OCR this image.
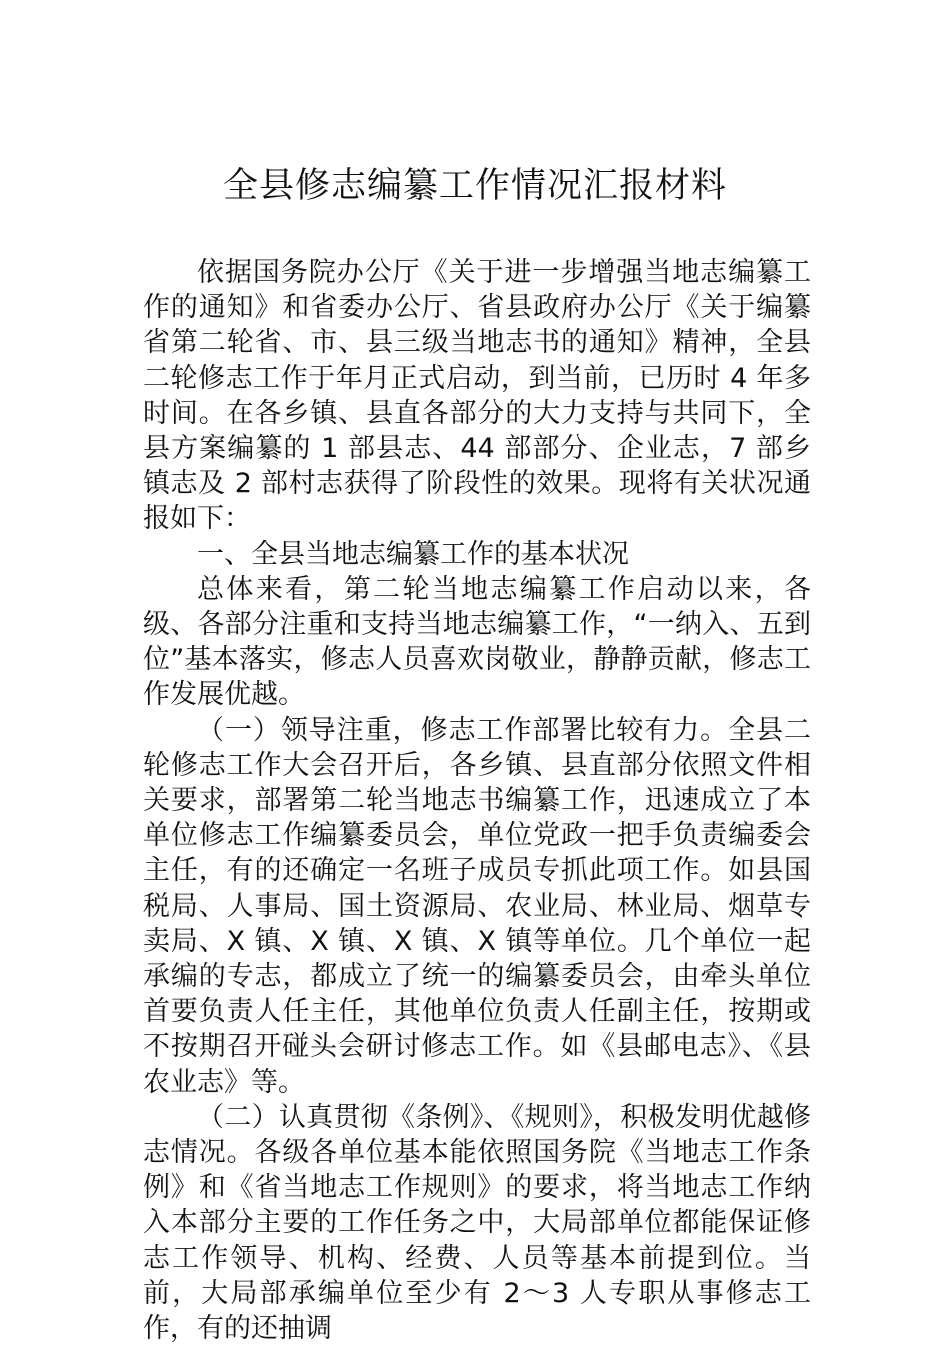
全县修志编纂工作情况汇报材料

依据国务院办公厅《关于进一步增强当地志编纂工作的通知》和省委办公厅、省县政府办公厅《关于编纂省第二轮省、市、县三级当地志书的通知》精神，全县二轮修志工作于年月正式启动，到当前，已历时 4 年多时间。在各乡镇、县直各部分的大力支持与共同下，全县方案编纂的 1 部县志、44 部部分、企业志，7 部乡镇志及 2 部村志获得了阶段性的效果。现将有关状况通报如下：

一、全县当地志编纂工作的基本状况

总体来看，第二轮当地志编纂工作启动以来，各级、各部分注重和支持当地志编纂工作，“一纳入、五到位”基本落实，修志人员喜欢岗敬业，静静贡献，修志工作发展优越。

（一）领导注重，修志工作部署比较有力。全县二轮修志工作大会召开后，各乡镇、县直部分依照文件相关要求，部署第二轮当地志书编纂工作，迅速成立了本单位修志工作编纂委员会，单位党政一把手负责编委会主任，有的还确定一名班子成员专抓此项工作。如县国税局、人事局、国土资源局、农业局、林业局、烟草专卖局、X 镇、X 镇、X 镇、X 镇等单位。几个单位一起承编的专志，都成立了统一的编纂委员会，由牵头单位首要负责人任主任，其他单位负责人任副主任，按期或不按期召开碰头会研讨修志工作。如《县邮电志》、《县农业志》等。

（二）认真贯彻《条例》、《规则》，积极发明优越修志情况。各级各单位基本能依照国务院《当地志工作条例》和《省当地志工作规则》的要求，将当地志工作纳入本部分主要的工作任务之中，大局部单位都能保证修志工作领导、机构、经费、人员等基本前提到位。当前，大局部承编单位至少有 2～3 人专职从事修志工作，有的还抽调
